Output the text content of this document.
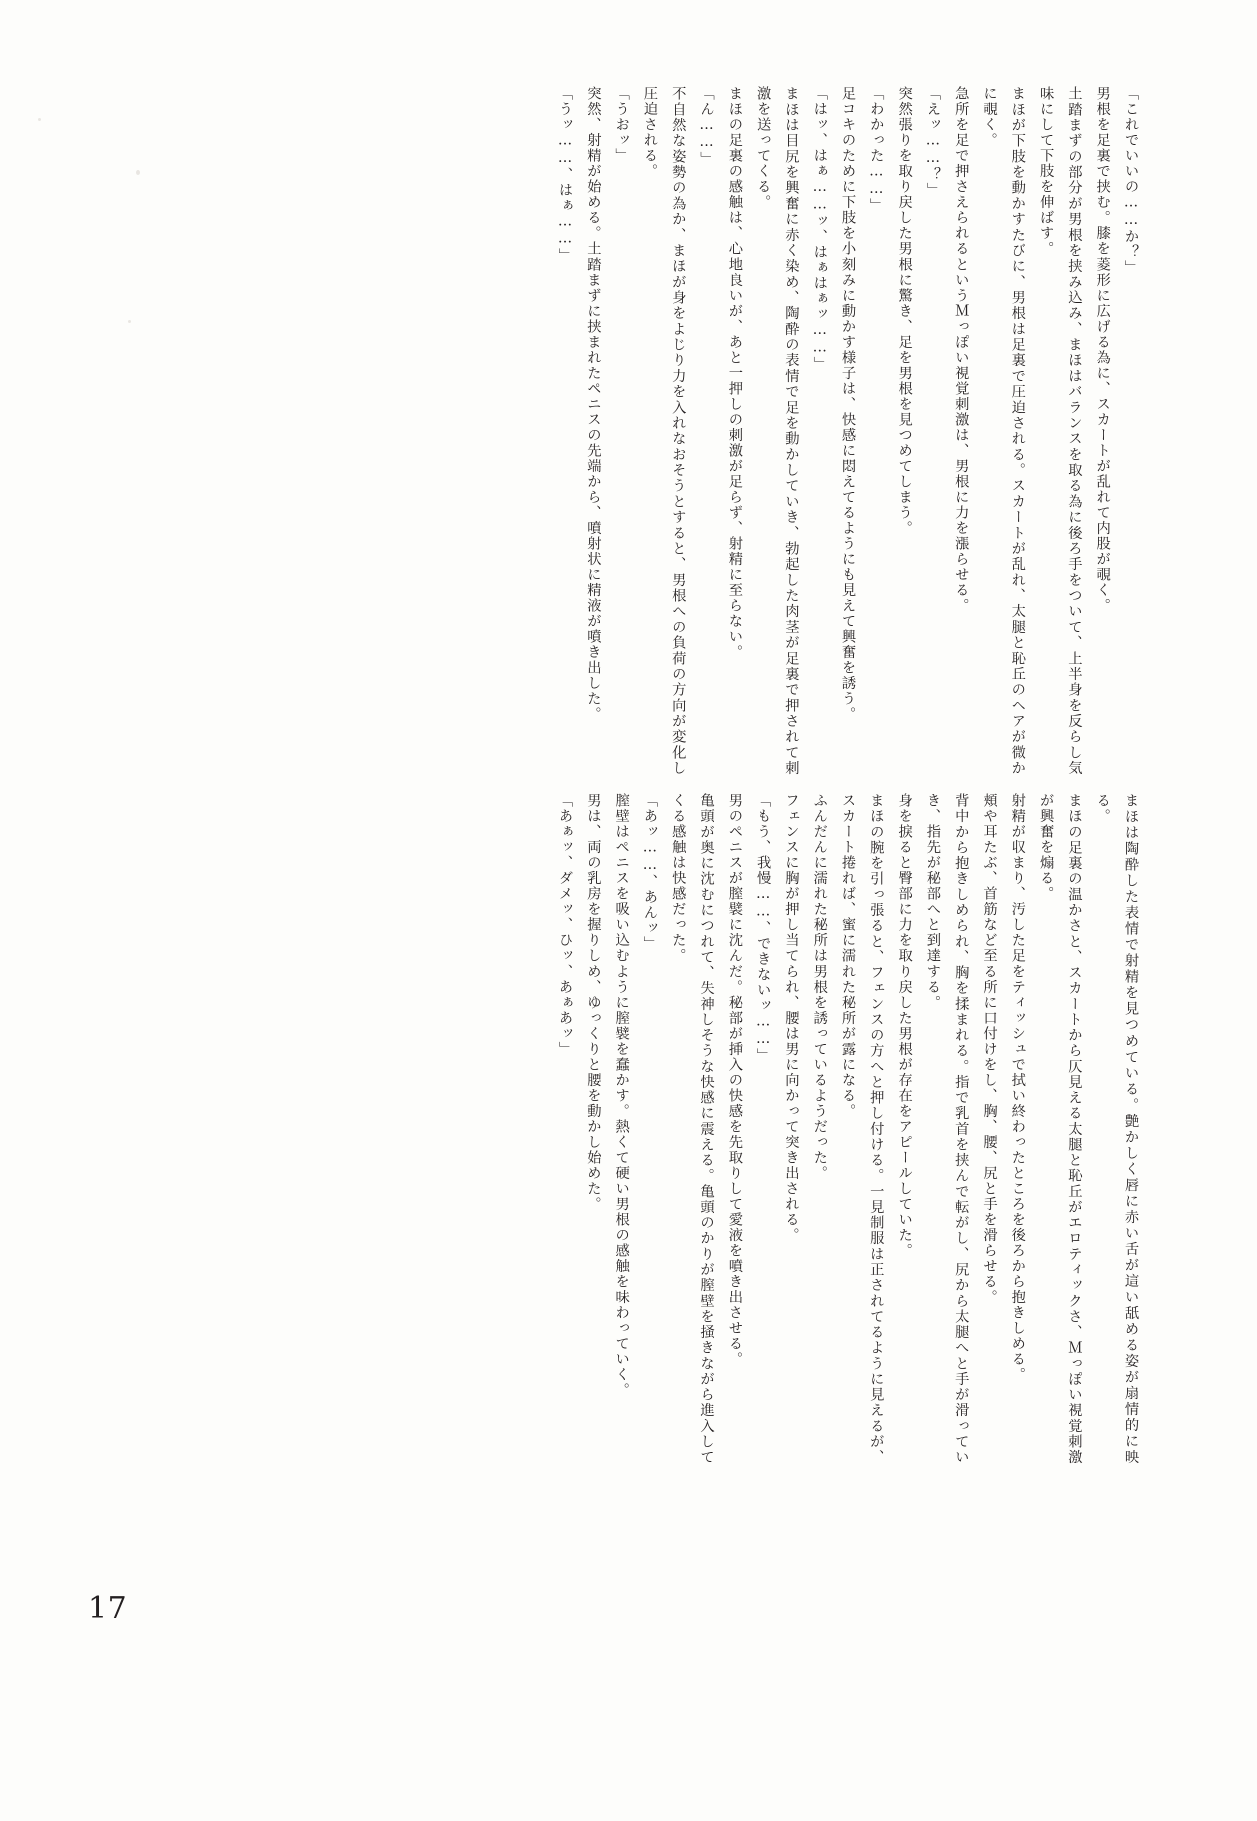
「これでいいの……か？」

男根を足裏で挟む。膝を菱形に広げる為に、スカートが乱れて内股が覗く。

土踏まずの部分が男根を挟み込み、まほはバランスを取る為に後ろ手をついて、上半身を反らし気味にして下肢を伸ばす。

まほが下肢を動かすたびに、男根は足裏で圧迫される。スカートが乱れ、太腿と恥丘のヘアが微かに覗く。

急所を足で押さえられるというＭっぽい視覚刺激は、男根に力を漲らせる。

「えッ……？」

突然張りを取り戻した男根に驚き、足を男根を見つめてしまう。

「わかった……」

足コキのために下肢を小刻みに動かす様子は、快感に悶えてるようにも見えて興奮を誘う。

「はッ、はぁ……ッ、はぁはぁッ……」

まほは目尻を興奮に赤く染め、陶酔の表情で足を動かしていき、勃起した肉茎が足裏で押されて刺激を送ってくる。

まほの足裏の感触は、心地良いが、あと一押しの刺激が足らず、射精に至らない。

「ん……」

不自然な姿勢の為か、まほが身をよじり力を入れなおそうとすると、男根への負荷の方向が変化し圧迫される。

「うおッ」

突然、射精が始める。土踏まずに挟まれたペニスの先端から、噴射状に精液が噴き出した。

「うッ……、はぁ……」

まほは陶酔した表情で射精を見つめている。艶かしく唇に赤い舌が這い舐める姿が扇情的に映る。

まほの足裏の温かさと、スカートから仄見える太腿と恥丘がエロティックさ、Ｍっぽい視覚刺激が興奮を煽る。

射精が収まり、汚した足をティッシュで拭い終わったところを後ろから抱きしめる。

頬や耳たぶ、首筋など至る所に口付けをし、胸、腰、尻と手を滑らせる。

背中から抱きしめられ、胸を揉まれる。指で乳首を挟んで転がし、尻から太腿へと手が滑っていき、指先が秘部へと到達する。

身を捩ると臀部に力を取り戻した男根が存在をアピールしていた。

まほの腕を引っ張ると、フェンスの方へと押し付ける。一見制服は正されてるように見えるが、スカート捲れば、蜜に濡れた秘所が露になる。

ふんだんに濡れた秘所は男根を誘っているようだった。

フェンスに胸が押し当てられ、腰は男に向かって突き出される。

「もう、我慢……、できないッ……」

男のペニスが膣襞に沈んだ。秘部が挿入の快感を先取りして愛液を噴き出させる。

亀頭が奥に沈むにつれて、失神しそうな快感に震える。亀頭のかりが膣壁を掻きながら進入してくる感触は快感だった。

「あッ……、あんッ」

膣壁はペニスを吸い込むように膣襞を蠢かす。熱くて硬い男根の感触を味わっていく。

男は、両の乳房を握りしめ、ゆっくりと腰を動かし始めた。

「あぁッ、ダメッ、ひッ、あぁあッ」

17
